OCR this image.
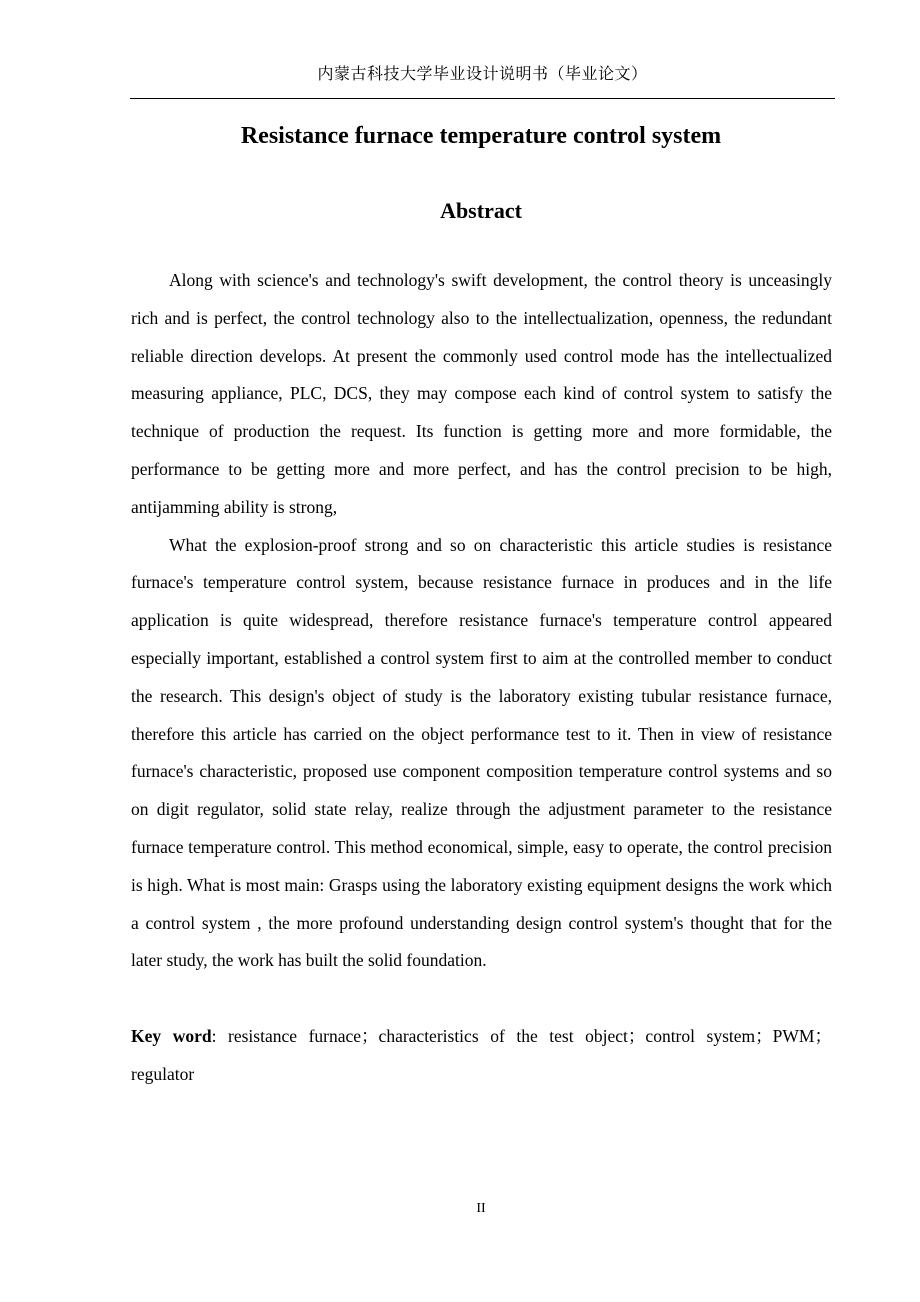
内蒙古科技大学毕业设计说明书（毕业论文）
Resistance furnace temperature control system
Abstract

Along with science's and technology's swift development, the control theory is unceasingly rich and is perfect, the control technology also to the intellectualization, openness, the redundant reliable direction develops. At present the commonly used control mode has the intellectualized measuring appliance, PLC, DCS, they may compose each kind of control system to satisfy the technique of production the request. Its function is getting more and more formidable, the performance to be getting more and more perfect, and has the control precision to be high, antijamming ability is strong,

What the explosion-proof strong and so on characteristic this article studies is resistance furnace's temperature control system, because resistance furnace in produces and in the life application is quite widespread, therefore resistance furnace's temperature control appeared especially important, established a control system first to aim at the controlled member to conduct the research. This design's object of study is the laboratory existing tubular resistance furnace, therefore this article has carried on the object performance test to it. Then in view of resistance furnace's characteristic, proposed use component composition temperature control systems and so on digit regulator, solid state relay, realize through the adjustment parameter to the resistance furnace temperature control. This method economical, simple, easy to operate, the control precision is high. What is most main: Grasps using the laboratory existing equipment designs the work which a control system , the more profound understanding design control system's thought that for the later study, the work has built the solid foundation.

Key word: resistance furnace；characteristics of the test object；control system；PWM；regulator

II
